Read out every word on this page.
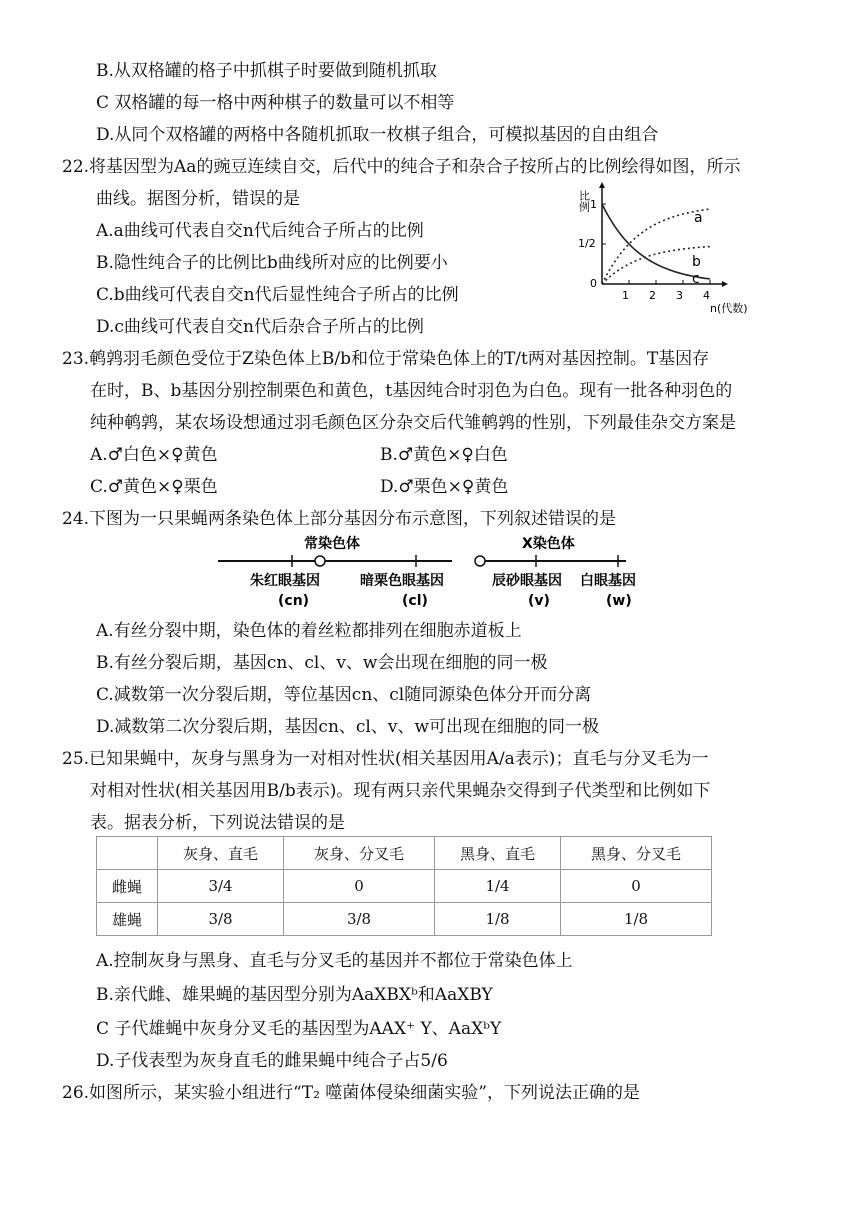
B.从双格罐的格子中抓棋子时要做到随机抓取
C 双格罐的每一格中两种棋子的数量可以不相等
D.从同个双格罐的两格中各随机抓取一枚棋子组合，可模拟基因的自由组合
22.将基因型为Aa的豌豆连续自交，后代中的纯合子和杂合子按所占的比例绘得如图，所示
曲线。据图分析，错误的是
A.a曲线可代表自交n代后纯合子所占的比例
B.隐性纯合子的比例比b曲线所对应的比例要小
C.b曲线可代表自交n代后显性纯合子所占的比例
D.c曲线可代表自交n代后杂合子所占的比例
比例
n(代数)
0
1/2
1
1 2 3 4
a
b
c
23.鹌鹑羽毛颜色受位于Z染色体上B/b和位于常染色体上的T/t两对基因控制。T基因存
在时，B、b基因分别控制栗色和黄色，t基因纯合时羽色为白色。现有一批各种羽色的
纯种鹌鹑，某农场设想通过羽毛颜色区分杂交后代雏鹌鹑的性别，下列最佳杂交方案是
A.♂白色×♀黄色	B.♂黄色×♀白色
C.♂黄色×♀栗色	D.♂栗色×♀黄色
24.下图为一只果蝇两条染色体上部分基因分布示意图，下列叙述错误的是
常染色体	X染色体
朱红眼基因
(cn)
暗栗色眼基因
(cl)
辰砂眼基因
(v)
白眼基因
(w)
A.有丝分裂中期，染色体的着丝粒都排列在细胞赤道板上
B.有丝分裂后期，基因cn、cl、v、w会出现在细胞的同一极
C.减数第一次分裂后期，等位基因cn、cl随同源染色体分开而分离
D.减数第二次分裂后期，基因cn、cl、v、w可出现在细胞的同一极
25.已知果蝇中，灰身与黑身为一对相对性状(相关基因用A/a表示)；直毛与分叉毛为一
对相对性状(相关基因用B/b表示)。现有两只亲代果蝇杂交得到子代类型和比例如下
表。据表分析，下列说法错误的是
	灰身、直毛	灰身、分叉毛	黑身、直毛	黑身、分叉毛
雌蝇	3/4	0	1/4	0
雄蝇	3/8	3/8	1/8	1/8
A.控制灰身与黑身、直毛与分叉毛的基因并不都位于常染色体上
B.亲代雌、雄果蝇的基因型分别为AaXBXᵇ和AaXBY
C 子代雄蝇中灰身分叉毛的基因型为AAX⁺ Y、AaXᵇY
D.子伐表型为灰身直毛的雌果蝇中纯合子占5/6
26.如图所示，某实验小组进行“T₂ 噬菌体侵染细菌实验”，下列说法正确的是
